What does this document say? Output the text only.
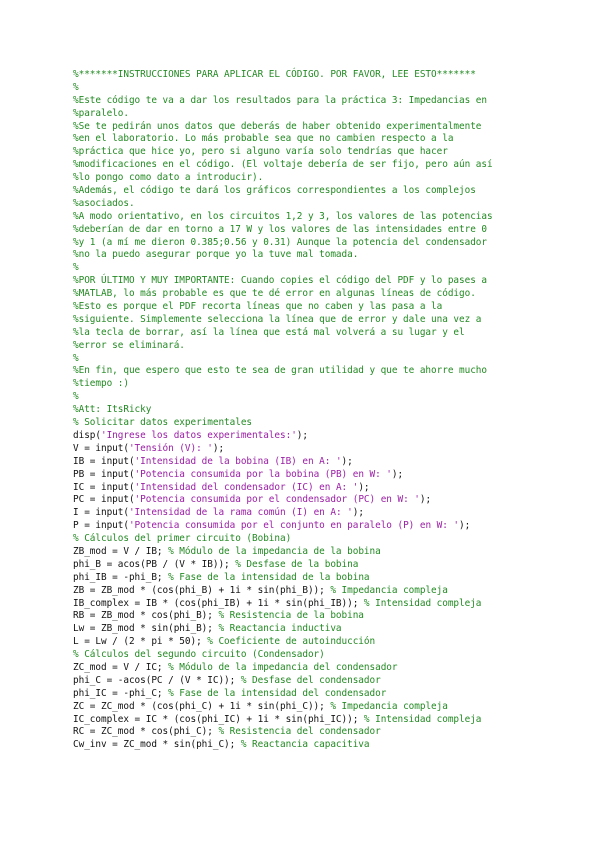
%*******INSTRUCCIONES PARA APLICAR EL CÓDIGO. POR FAVOR, LEE ESTO*******
%
%Este código te va a dar los resultados para la práctica 3: Impedancias en
%paralelo.
%Se te pedirán unos datos que deberás de haber obtenido experimentalmente
%en el laboratorio. Lo más probable sea que no cambien respecto a la
%práctica que hice yo, pero si alguno varía solo tendrías que hacer
%modificaciones en el código. (El voltaje debería de ser fijo, pero aún así
%lo pongo como dato a introducir).
%Además, el código te dará los gráficos correspondientes a los complejos
%asociados.
%A modo orientativo, en los circuitos 1,2 y 3, los valores de las potencias
%deberían de dar en torno a 17 W y los valores de las intensidades entre 0
%y 1 (a mí me dieron 0.385;0.56 y 0.31) Aunque la potencia del condensador
%no la puedo asegurar porque yo la tuve mal tomada.
%
%POR ÚLTIMO Y MUY IMPORTANTE: Cuando copies el código del PDF y lo pases a
%MATLAB, lo más probable es que te dé error en algunas líneas de código.
%Esto es porque el PDF recorta líneas que no caben y las pasa a la
%siguiente. Simplemente selecciona la línea que de error y dale una vez a
%la tecla de borrar, así la línea que está mal volverá a su lugar y el
%error se eliminará.
%
%En fin, que espero que esto te sea de gran utilidad y que te ahorre mucho
%tiempo :)
%
%Att: ItsRicky
% Solicitar datos experimentales
disp('Ingrese los datos experimentales:');
V = input('Tensión (V): ');
IB = input('Intensidad de la bobina (IB) en A: ');
PB = input('Potencia consumida por la bobina (PB) en W: ');
IC = input('Intensidad del condensador (IC) en A: ');
PC = input('Potencia consumida por el condensador (PC) en W: ');
I = input('Intensidad de la rama común (I) en A: ');
P = input('Potencia consumida por el conjunto en paralelo (P) en W: ');
% Cálculos del primer circuito (Bobina)
ZB_mod = V / IB; % Módulo de la impedancia de la bobina
phi_B = acos(PB / (V * IB)); % Desfase de la bobina
phi_IB = -phi_B; % Fase de la intensidad de la bobina
ZB = ZB_mod * (cos(phi_B) + 1i * sin(phi_B)); % Impedancia compleja
IB_complex = IB * (cos(phi_IB) + 1i * sin(phi_IB)); % Intensidad compleja
RB = ZB_mod * cos(phi_B); % Resistencia de la bobina
Lw = ZB_mod * sin(phi_B); % Reactancia inductiva
L = Lw / (2 * pi * 50); % Coeficiente de autoinducción
% Cálculos del segundo circuito (Condensador)
ZC_mod = V / IC; % Módulo de la impedancia del condensador
phi_C = -acos(PC / (V * IC)); % Desfase del condensador
phi_IC = -phi_C; % Fase de la intensidad del condensador
ZC = ZC_mod * (cos(phi_C) + 1i * sin(phi_C)); % Impedancia compleja
IC_complex = IC * (cos(phi_IC) + 1i * sin(phi_IC)); % Intensidad compleja
RC = ZC_mod * cos(phi_C); % Resistencia del condensador
Cw_inv = ZC_mod * sin(phi_C); % Reactancia capacitiva
